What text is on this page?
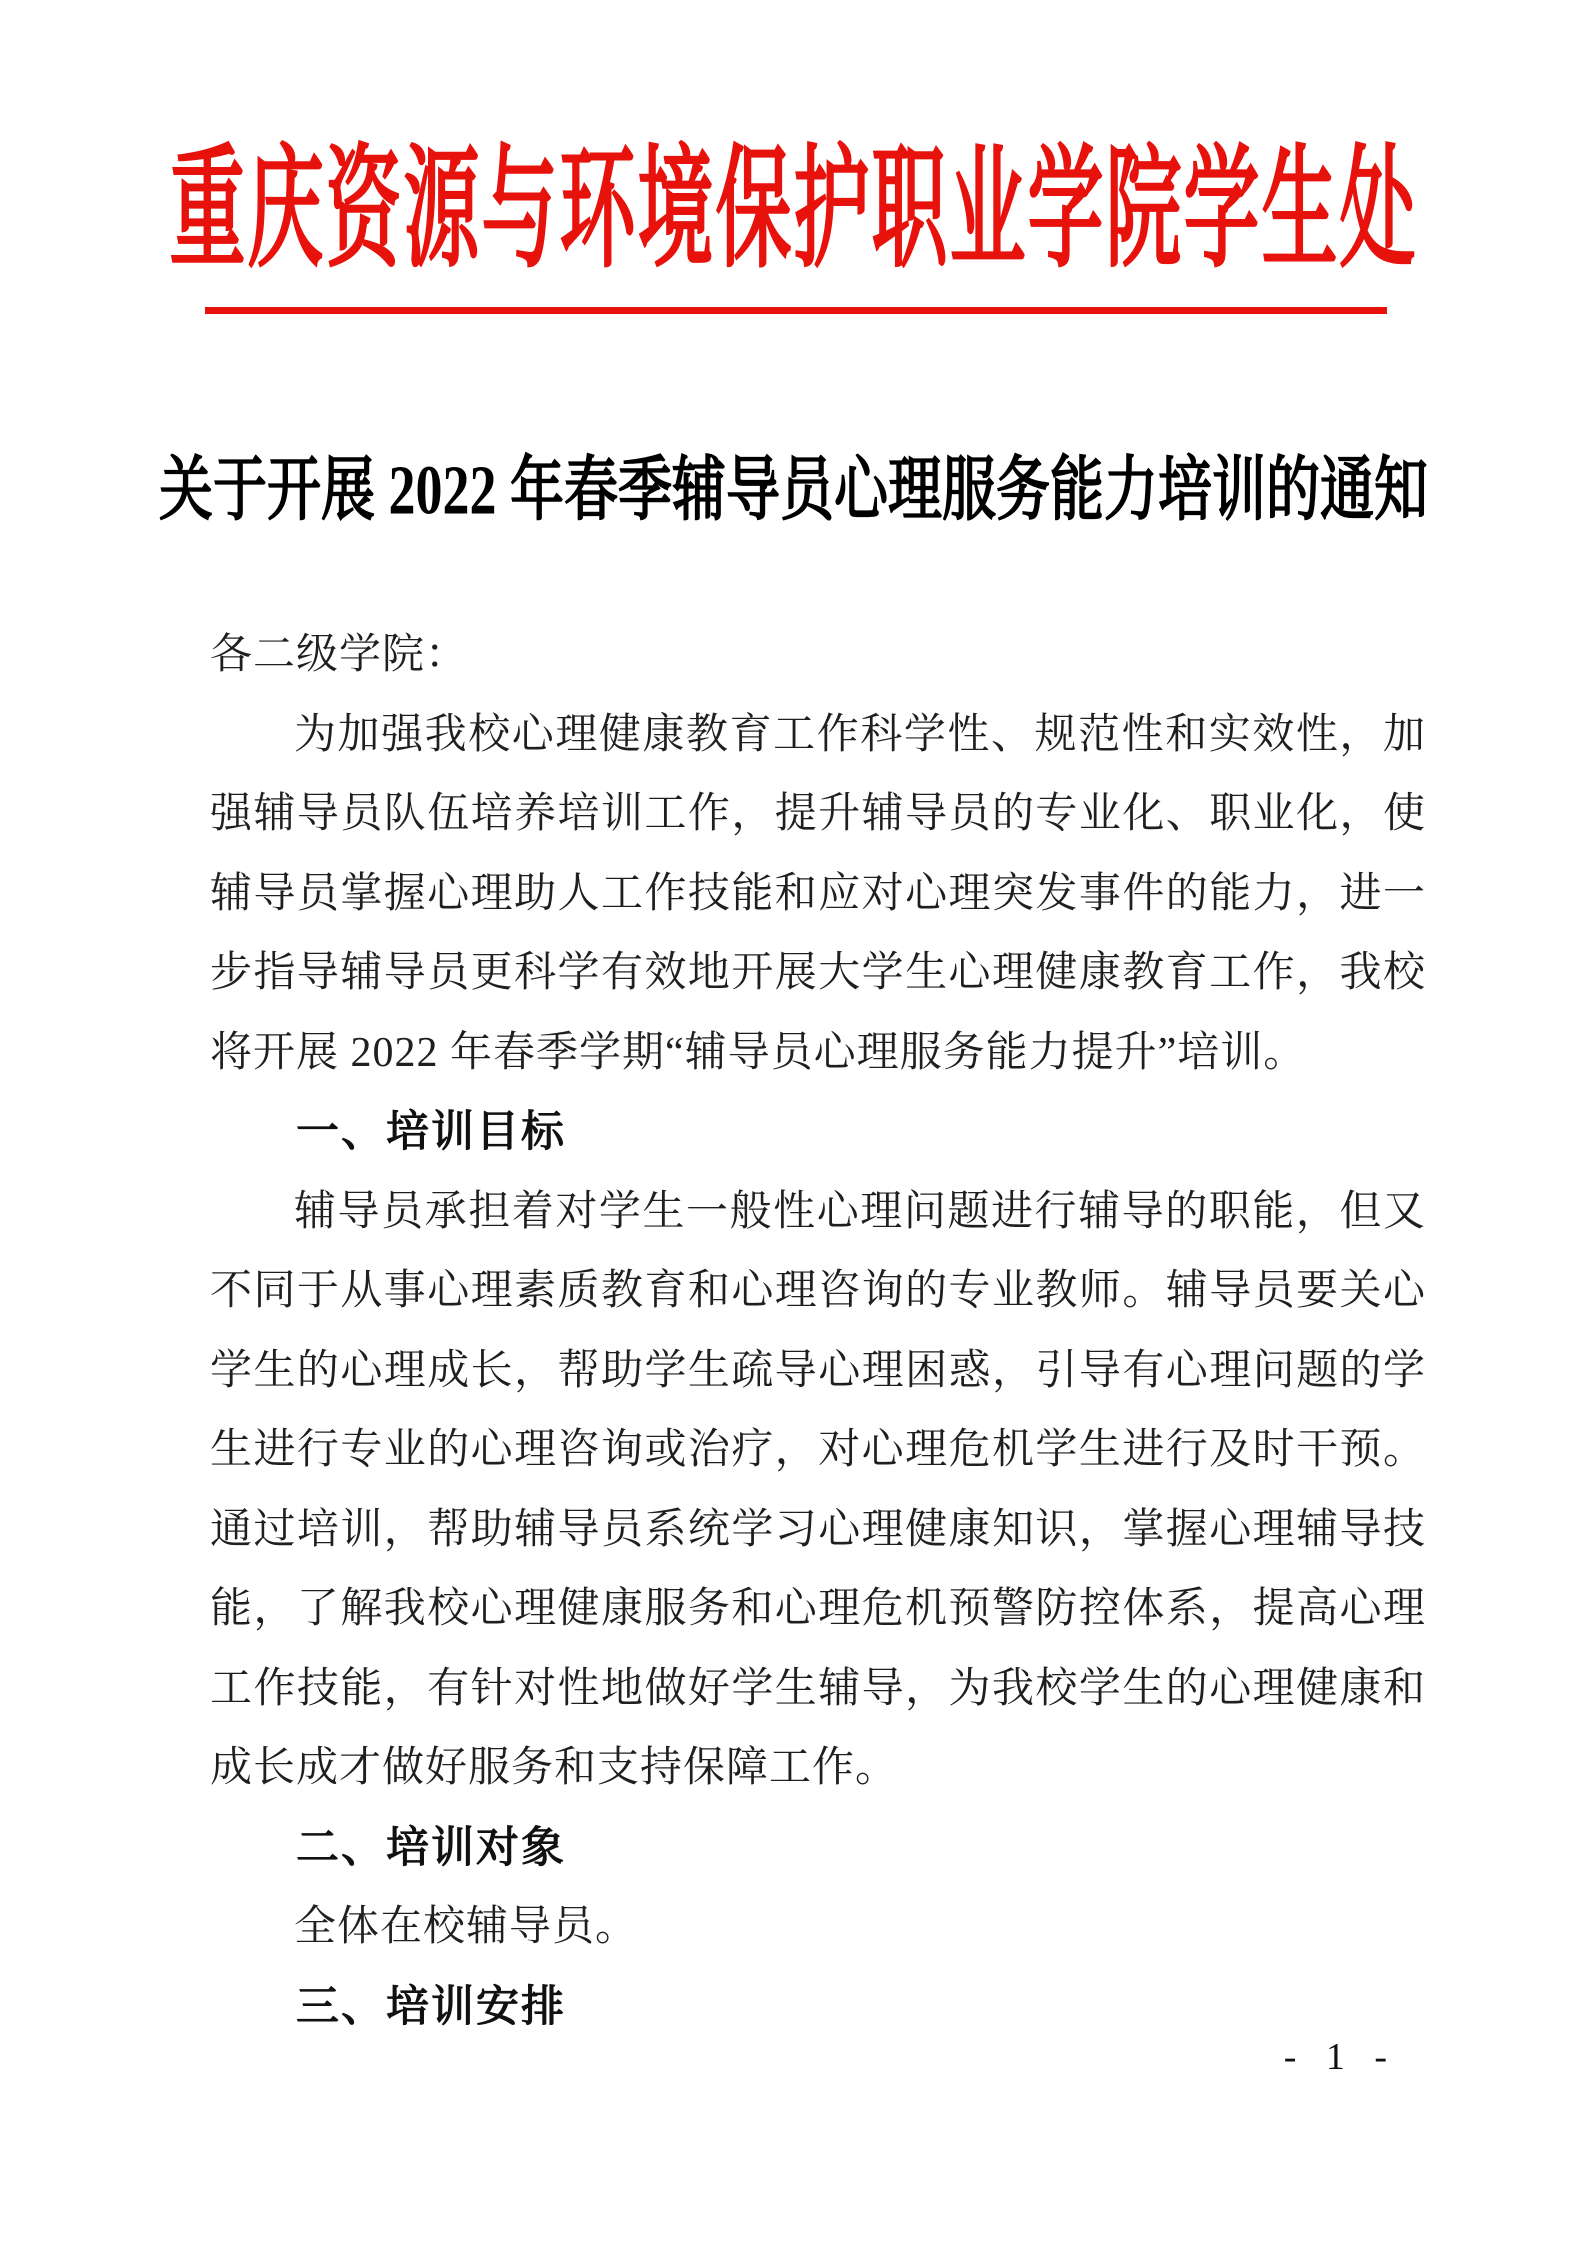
重庆资源与环境保护职业学院学生处
关于开展 2022 年春季辅导员心理服务能力培训的通知
各二级学院：
为加强我校心理健康教育工作科学性、规范性和实效性，加
强辅导员队伍培养培训工作，提升辅导员的专业化、职业化，使
辅导员掌握心理助人工作技能和应对心理突发事件的能力，进一
步指导辅导员更科学有效地开展大学生心理健康教育工作，我校
将开展 2022 年春季学期“辅导员心理服务能力提升”培训。
一、培训目标
辅导员承担着对学生一般性心理问题进行辅导的职能，但又
不同于从事心理素质教育和心理咨询的专业教师。辅导员要关心
学生的心理成长，帮助学生疏导心理困惑，引导有心理问题的学
生进行专业的心理咨询或治疗，对心理危机学生进行及时干预。
通过培训，帮助辅导员系统学习心理健康知识，掌握心理辅导技
能，了解我校心理健康服务和心理危机预警防控体系，提高心理
工作技能，有针对性地做好学生辅导，为我校学生的心理健康和
成长成才做好服务和支持保障工作。
二、培训对象
全体在校辅导员。
三、培训安排
- 1 -
